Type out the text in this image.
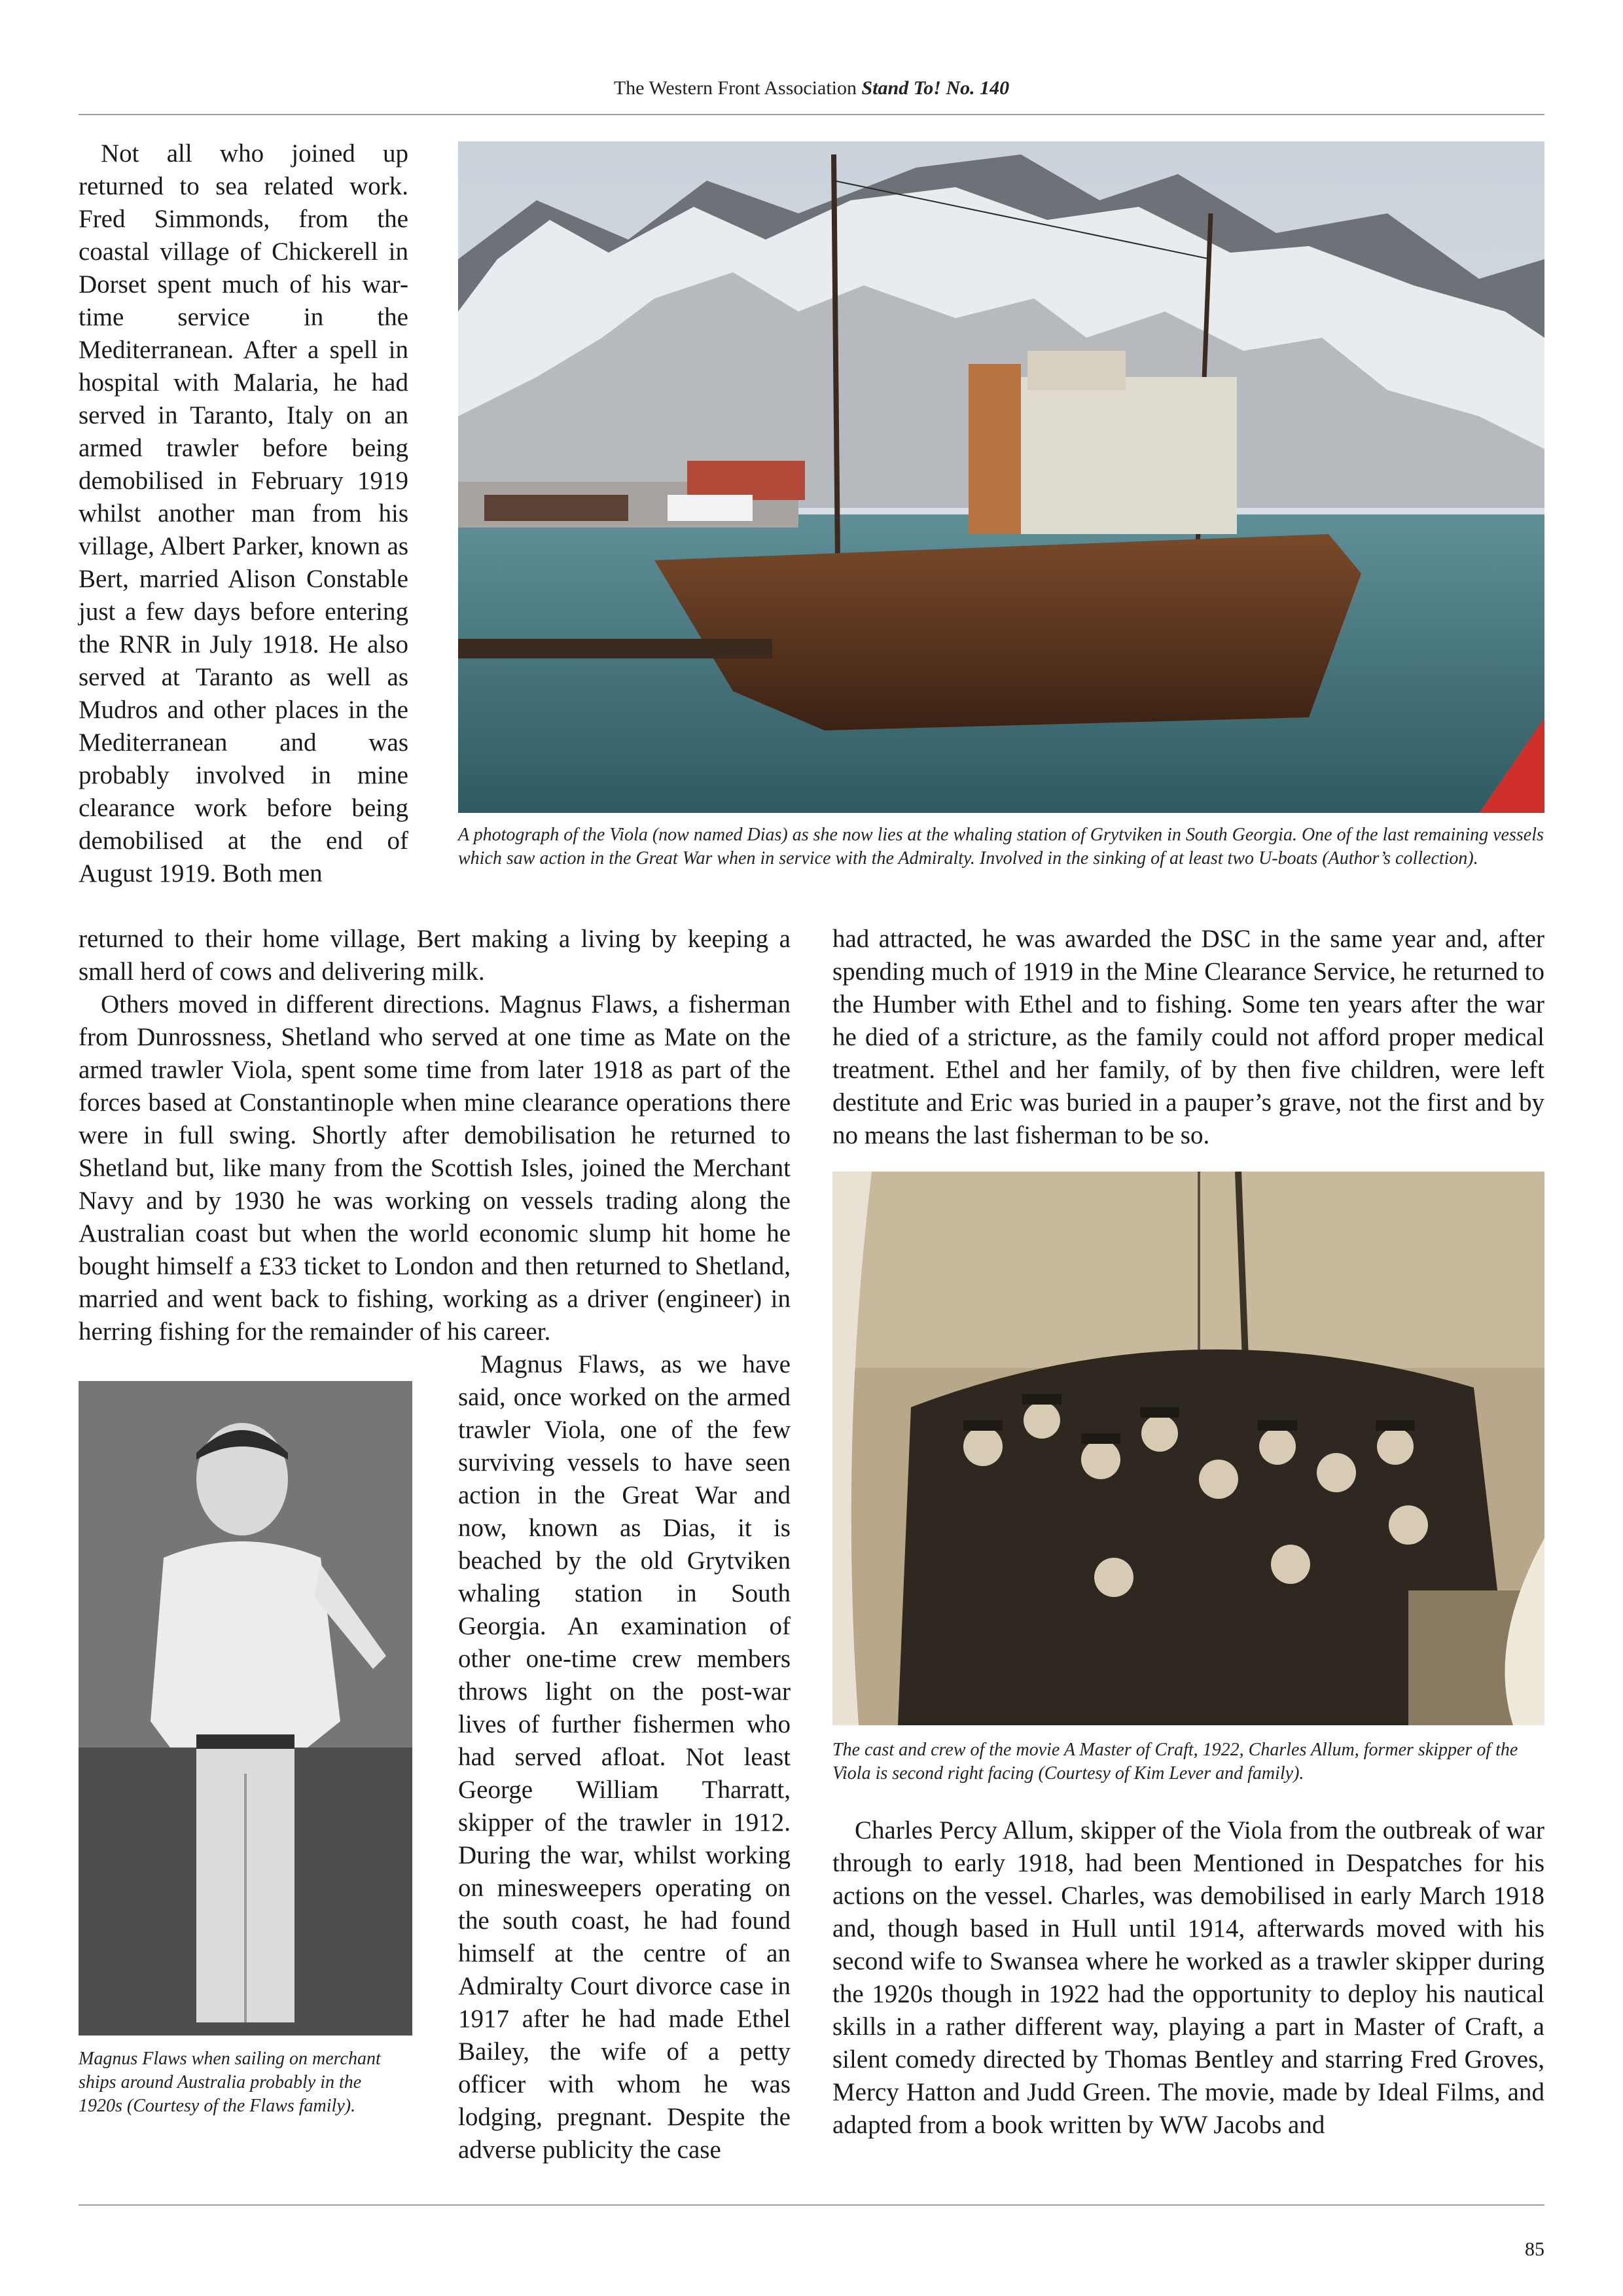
The Western Front Association Stand To! No. 140

A photograph of the Viola (now named Dias) as she now lies at the whaling station of Grytviken in South Georgia. One of the last remaining vessels which saw action in the Great War when in service with the Admiralty. Involved in the sinking of at least two U-boats (Author’s collection).

Not all who joined up returned to sea related work. Fred Simmonds, from the coastal village of Chickerell in Dorset spent much of his war-time service in the Mediterranean. After a spell in hospital with Malaria, he had served in Taranto, Italy on an armed trawler before being demobilised in February 1919 whilst another man from his village, Albert Parker, known as Bert, married Alison Constable just a few days before entering the RNR in July 1918. He also served at Taranto as well as Mudros and other places in the Mediterranean and was probably involved in mine clearance work before being demobilised at the end of August 1919. Both men

returned to their home village, Bert making a living by keeping a small herd of cows and delivering milk.

Others moved in different directions. Magnus Flaws, a fisherman from Dunrossness, Shetland who served at one time as Mate on the armed trawler Viola, spent some time from later 1918 as part of the forces based at Constantinople when mine clearance operations there were in full swing. Shortly after demobilisation he returned to Shetland but, like many from the Scottish Isles, joined the Merchant Navy and by 1930 he was working on vessels trading along the Australian coast but when the world economic slump hit home he bought himself a £33 ticket to London and then returned to Shetland, married and went back to fishing, working as a driver (engineer) in herring fishing for the remainder of his career.

Magnus Flaws when sailing on merchant ships around Australia probably in the 1920s (Courtesy of the Flaws family).

Magnus Flaws, as we have said, once worked on the armed trawler Viola, one of the few surviving vessels to have seen action in the Great War and now, known as Dias, it is beached by the old Grytviken whaling station in South Georgia. An examination of other one-time crew members throws light on the post-war lives of further fishermen who had served afloat. Not least George William Tharratt, skipper of the trawler in 1912. During the war, whilst working on minesweepers operating on the south coast, he had found himself at the centre of an Admiralty Court divorce case in 1917 after he had made Ethel Bailey, the wife of a petty officer with whom he was lodging, pregnant. Despite the adverse publicity the case

had attracted, he was awarded the DSC in the same year and, after spending much of 1919 in the Mine Clearance Service, he returned to the Humber with Ethel and to fishing. Some ten years after the war he died of a stricture, as the family could not afford proper medical treatment. Ethel and her family, of by then five children, were left destitute and Eric was buried in a pauper’s grave, not the first and by no means the last fisherman to be so.

The cast and crew of the movie A Master of Craft, 1922, Charles Allum, former skipper of the Viola is second right facing (Courtesy of Kim Lever and family).

Charles Percy Allum, skipper of the Viola from the outbreak of war through to early 1918, had been Mentioned in Despatches for his actions on the vessel. Charles, was demobilised in early March 1918 and, though based in Hull until 1914, afterwards moved with his second wife to Swansea where he worked as a trawler skipper during the 1920s though in 1922 had the opportunity to deploy his nautical skills in a rather different way, playing a part in Master of Craft, a silent comedy directed by Thomas Bentley and starring Fred Groves, Mercy Hatton and Judd Green. The movie, made by Ideal Films, and adapted from a book written by WW Jacobs and

85
